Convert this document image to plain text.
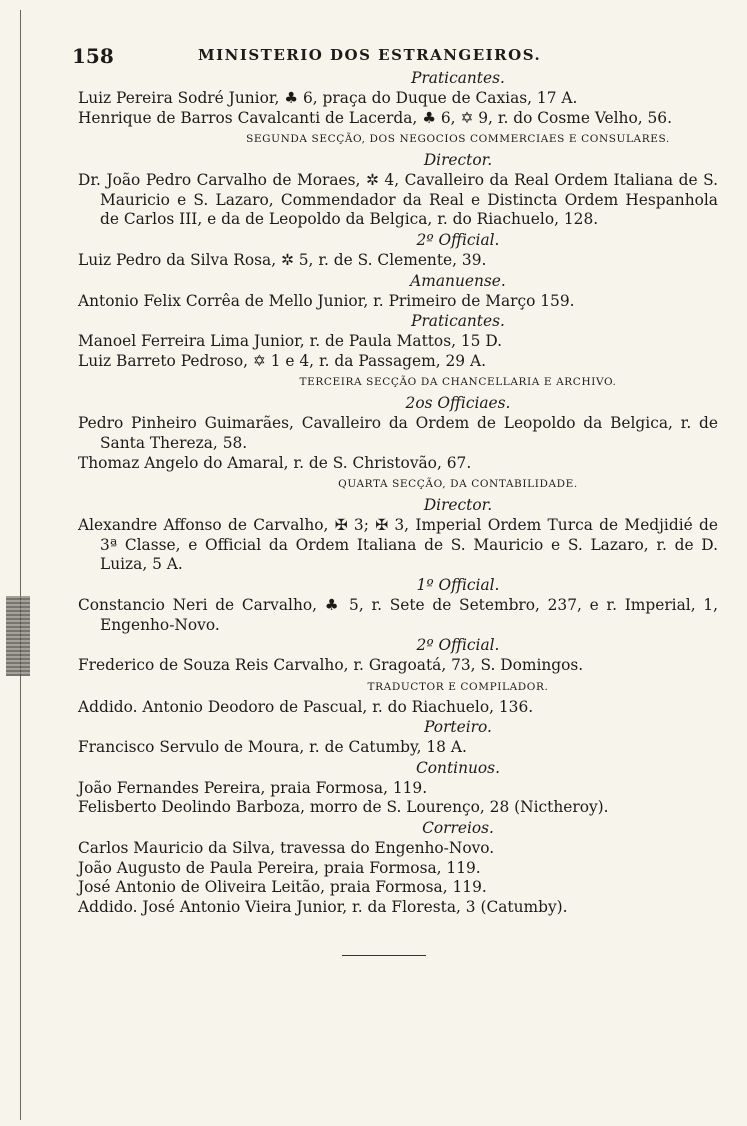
158	MINISTERIO DOS ESTRANGEIROS.
Praticantes.
Luiz Pereira Sodré Junior, ♣ 6, praça do Duque de Caxias, 17 A.
Henrique de Barros Cavalcanti de Lacerda, ♣ 6, ✡ 9, r. do Cosme Velho, 56.
SEGUNDA SECÇÃO, DOS NEGOCIOS COMMERCIAES E CONSULARES.
Director.
Dr. João Pedro Carvalho de Moraes, ✲ 4, Cavalleiro da Real Ordem Italiana de S. Mauricio e S. Lazaro, Commendador da Real e Distincta Ordem Hespanhola de Carlos III, e da de Leopoldo da Belgica, r. do Riachuelo, 128.
2º Official.
Luiz Pedro da Silva Rosa, ✲ 5, r. de S. Clemente, 39.
Amanuense.
Antonio Felix Corrêa de Mello Junior, r. Primeiro de Março 159.
Praticantes.
Manoel Ferreira Lima Junior, r. de Paula Mattos, 15 D.
Luiz Barreto Pedroso, ✡ 1 e 4, r. da Passagem, 29 A.
TERCEIRA SECÇÃO DA CHANCELLARIA E ARCHIVO.
2os Officiaes.
Pedro Pinheiro Guimarães, Cavalleiro da Ordem de Leopoldo da Belgica, r. de Santa Thereza, 58.
Thomaz Angelo do Amaral, r. de S. Christovão, 67.
QUARTA SECÇÃO, DA CONTABILIDADE.
Director.
Alexandre Affonso de Carvalho, ✠ 3; ✠ 3, Imperial Ordem Turca de Medjidié de 3ª Classe, e Official da Ordem Italiana de S. Mauricio e S. Lazaro, r. de D. Luiza, 5 A.
1º Official.
Constancio Neri de Carvalho, ♣ 5, r. Sete de Setembro, 237, e r. Imperial, 1, Engenho-Novo.
2º Official.
Frederico de Souza Reis Carvalho, r. Gragoatá, 73, S. Domingos.
TRADUCTOR E COMPILADOR.
Addido. Antonio Deodoro de Pascual, r. do Riachuelo, 136.
Porteiro.
Francisco Servulo de Moura, r. de Catumby, 18 A.
Continuos.
João Fernandes Pereira, praia Formosa, 119.
Felisberto Deolindo Barboza, morro de S. Lourenço, 28 (Nictheroy).
Correios.
Carlos Mauricio da Silva, travessa do Engenho-Novo.
João Augusto de Paula Pereira, praia Formosa, 119.
José Antonio de Oliveira Leitão, praia Formosa, 119.
Addido. José Antonio Vieira Junior, r. da Floresta, 3 (Catumby).
